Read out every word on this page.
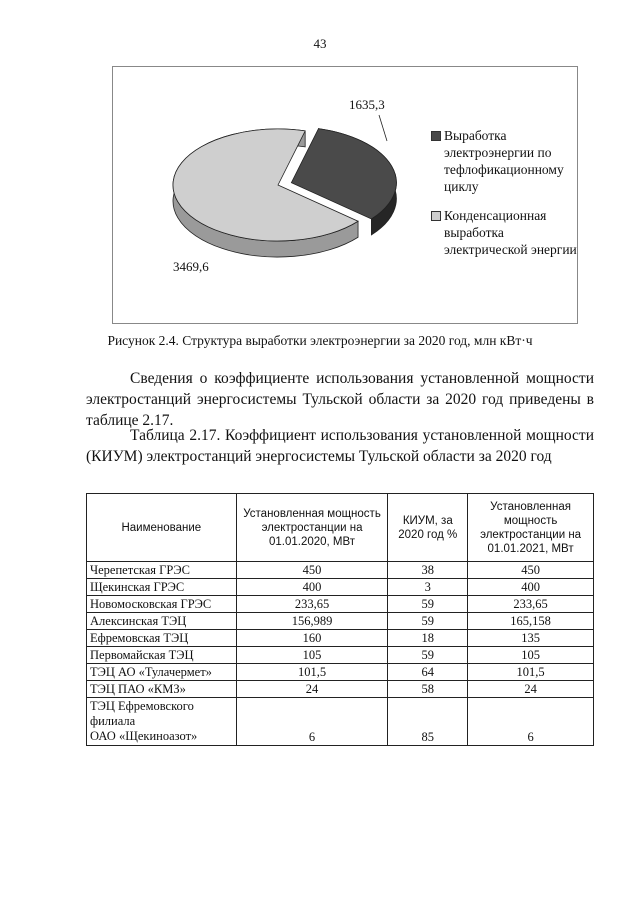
43
1635,3
3469,6
Выработка электроэнергии по тефлофикационному циклу
Конденсационная выработка электрической энергии
Рисунок 2.4. Структура выработки электроэнергии за 2020 год, млн кВт·ч
Сведения о коэффициенте использования установленной мощности электростанций энергосистемы Тульской области за 2020 год приведены в таблице 2.17.
Таблица 2.17. Коэффициент использования установленной мощности (КИУМ) электростанций энергосистемы Тульской области за 2020 год
Наименование	Установленная мощность электростанции на 01.01.2020, МВт	КИУМ, за 2020 год %	Установленная мощность электростанции на 01.01.2021, МВт
Черепетская ГРЭС	450	38	450
Щекинская ГРЭС	400	3	400
Новомосковская ГРЭС	233,65	59	233,65
Алексинская ТЭЦ	156,989	59	165,158
Ефремовская ТЭЦ	160	18	135
Первомайская ТЭЦ	105	59	105
ТЭЦ АО «Тулачермет»	101,5	64	101,5
ТЭЦ ПАО «КМЗ»	24	58	24

ТЭЦ Ефремовского
филиала
ОАО «Щекиноазот»	6	85	6
